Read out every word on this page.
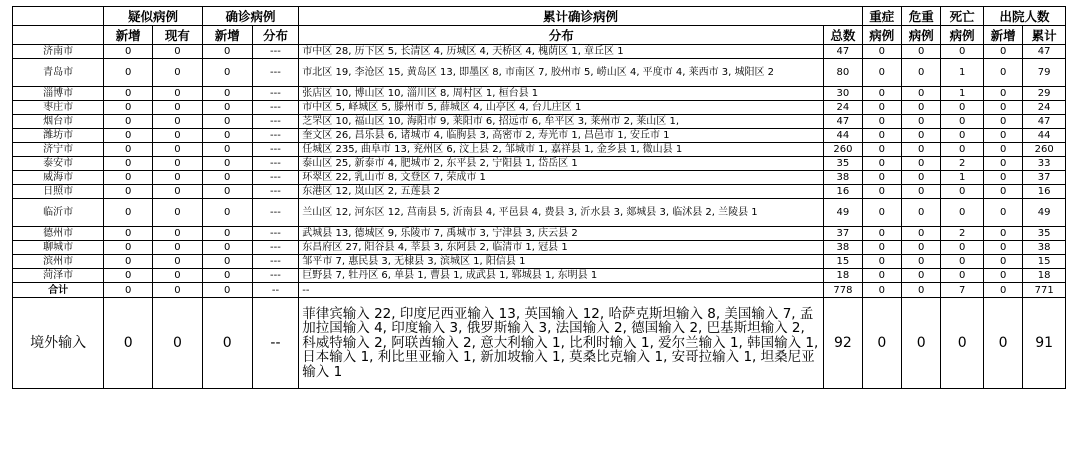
	疑似病例		确诊病例		累计确诊病例		重症	危重	死亡	出院人数	
	新增	现有	新增	分布	分布	总数	病例	病例	病例	新增	累计
济南市	0	0	0	---	市中区 28, 历下区 5, 长清区 4, 历城区 4, 天桥区 4, 槐荫区 1, 章丘区 1	47	0	0	0	0	47
青岛市	0	0	0	---	市北区 19, 李沧区 15, 黄岛区 13, 即墨区 8, 市南区 7, 胶州市 5, 崂山区 4, 平度市 4, 莱西市 3, 城阳区 2	80	0	0	1	0	79
淄博市	0	0	0	---	张店区 10, 博山区 10, 淄川区 8, 周村区 1, 桓台县 1	30	0	0	1	0	29
枣庄市	0	0	0	---	市中区 5, 峄城区 5, 滕州市 5, 薛城区 4, 山亭区 4, 台儿庄区 1	24	0	0	0	0	24
烟台市	0	0	0	---	芝罘区 10, 福山区 10, 海阳市 9, 莱阳市 6, 招远市 6, 牟平区 3, 莱州市 2, 莱山区 1,	47	0	0	0	0	47
潍坊市	0	0	0	---	奎文区 26, 昌乐县 6, 诸城市 4, 临朐县 3, 高密市 2, 寿光市 1, 昌邑市 1, 安丘市 1	44	0	0	0	0	44
济宁市	0	0	0	---	任城区 235, 曲阜市 13, 兖州区 6, 汶上县 2, 邹城市 1, 嘉祥县 1, 金乡县 1, 微山县 1	260	0	0	0	0	260
泰安市	0	0	0	---	泰山区 25, 新泰市 4, 肥城市 2, 东平县 2, 宁阳县 1, 岱岳区 1	35	0	0	2	0	33
威海市	0	0	0	---	环翠区 22, 乳山市 8, 文登区 7, 荣成市 1	38	0	0	1	0	37
日照市	0	0	0	---	东港区 12, 岚山区 2, 五莲县 2	16	0	0	0	0	16
临沂市	0	0	0	---	兰山区 12, 河东区 12, 莒南县 5, 沂南县 4, 平邑县 4, 费县 3, 沂水县 3, 郯城县 3, 临沭县 2, 兰陵县 1	49	0	0	0	0	49
德州市	0	0	0	---	武城县 13, 德城区 9, 乐陵市 7, 禹城市 3, 宁津县 3, 庆云县 2	37	0	0	2	0	35
聊城市	0	0	0	---	东昌府区 27, 阳谷县 4, 莘县 3, 东阿县 2, 临清市 1, 冠县 1	38	0	0	0	0	38
滨州市	0	0	0	---	邹平市 7, 惠民县 3, 无棣县 3, 滨城区 1, 阳信县 1	15	0	0	0	0	15
菏泽市	0	0	0	---	巨野县 7, 牡丹区 6, 单县 1, 曹县 1, 成武县 1, 郓城县 1, 东明县 1	18	0	0	0	0	18
合计	0	0	0	--	--	778	0	0	7	0	771
境外输入	0	0	0	--	菲律宾输入 22, 印度尼西亚输入 13, 英国输入 12, 哈萨克斯坦输入 8, 美国输入 7, 孟加拉国输入 4, 印度输入 3, 俄罗斯输入 3, 法国输入 2, 德国输入 2, 巴基斯坦输入 2, 科威特输入 2, 阿联酋输入 2, 意大利输入 1, 比利时输入 1, 爱尔兰输入 1, 韩国输入 1, 日本输入 1, 利比里亚输入 1, 新加坡输入 1, 莫桑比克输入 1, 安哥拉输入 1, 坦桑尼亚输入 1	92	0	0	0	0	91
